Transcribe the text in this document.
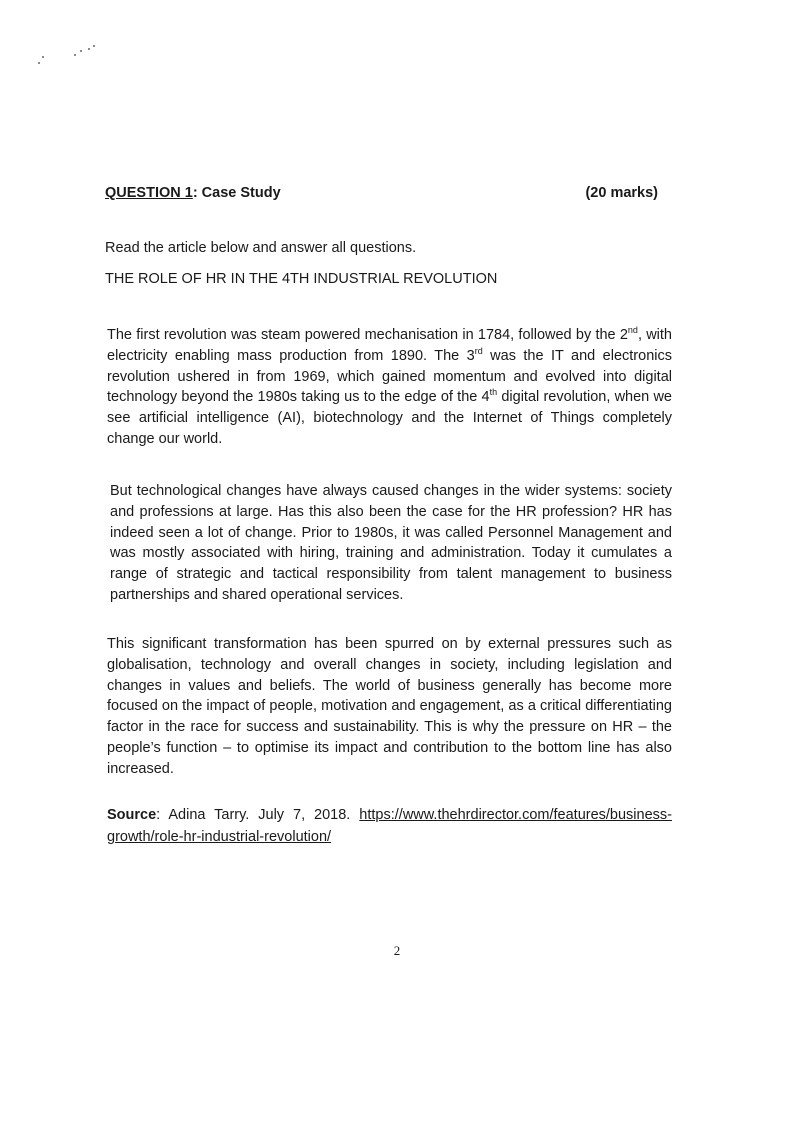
QUESTION 1: Case Study	(20 marks)
Read the article below and answer all questions.
THE ROLE OF HR IN THE 4TH INDUSTRIAL REVOLUTION
The first revolution was steam powered mechanisation in 1784, followed by the 2nd, with electricity enabling mass production from 1890. The 3rd was the IT and electronics revolution ushered in from 1969, which gained momentum and evolved into digital technology beyond the 1980s taking us to the edge of the 4th digital revolution, when we see artificial intelligence (AI), biotechnology and the Internet of Things completely change our world.
But technological changes have always caused changes in the wider systems: society and professions at large. Has this also been the case for the HR profession? HR has indeed seen a lot of change. Prior to 1980s, it was called Personnel Management and was mostly associated with hiring, training and administration. Today it cumulates a range of strategic and tactical responsibility from talent management to business partnerships and shared operational services.
This significant transformation has been spurred on by external pressures such as globalisation, technology and overall changes in society, including legislation and changes in values and beliefs. The world of business generally has become more focused on the impact of people, motivation and engagement, as a critical differentiating factor in the race for success and sustainability. This is why the pressure on HR – the people’s function – to optimise its impact and contribution to the bottom line has also increased.
Source: Adina Tarry. July 7, 2018. https://www.thehrdirector.com/features/business-growth/role-hr-industrial-revolution/
2
